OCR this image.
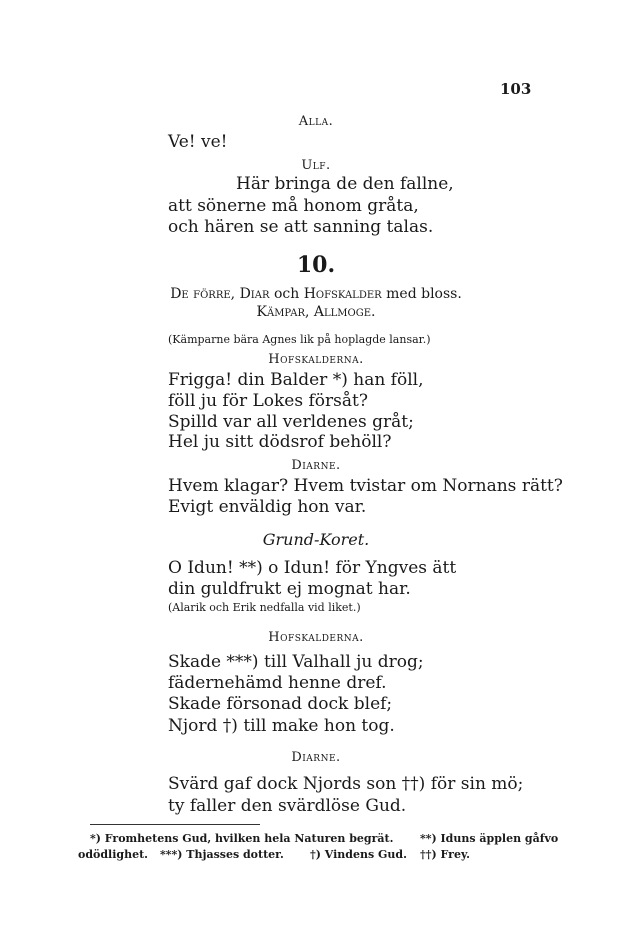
103
Alla.
Ve! ve!
Ulf.
Här bringa de den fallne,
att sönerne må honom gråta,
och hären se att sanning talas.
10.
De förre, Diar och Hofskalder med bloss.
Kämpar, Allmoge.
(Kämparne bära Agnes lik på hoplagde lansar.)
Hofskalderna.
Frigga! din Balder *) han föll,
föll ju för Lokes försåt?
Spilld var all verldenes gråt;
Hel ju sitt dödsrof behöll?
Diarne.
Hvem klagar? Hvem tvistar om Nornans rätt?
Evigt enväldig hon var.
Grund-Koret.
O Idun! **) o Idun! för Yngves ätt
din guldfrukt ej mognat har.
(Alarik och Erik nedfalla vid liket.)
Hofskalderna.
Skade ***) till Valhall ju drog;
fädernehämd henne dref.
Skade försonad dock blef;
Njord †) till make hon tog.
Diarne.
Svärd gaf dock Njords son ††) för sin mö;
ty faller den svärdlöse Gud.
*) Fromhetens Gud, hvilken hela Naturen begrät. **) Iduns äpplen gåfvo
odödlighet. ***) Thjasses dotter. †) Vindens Gud. ††) Frey.
